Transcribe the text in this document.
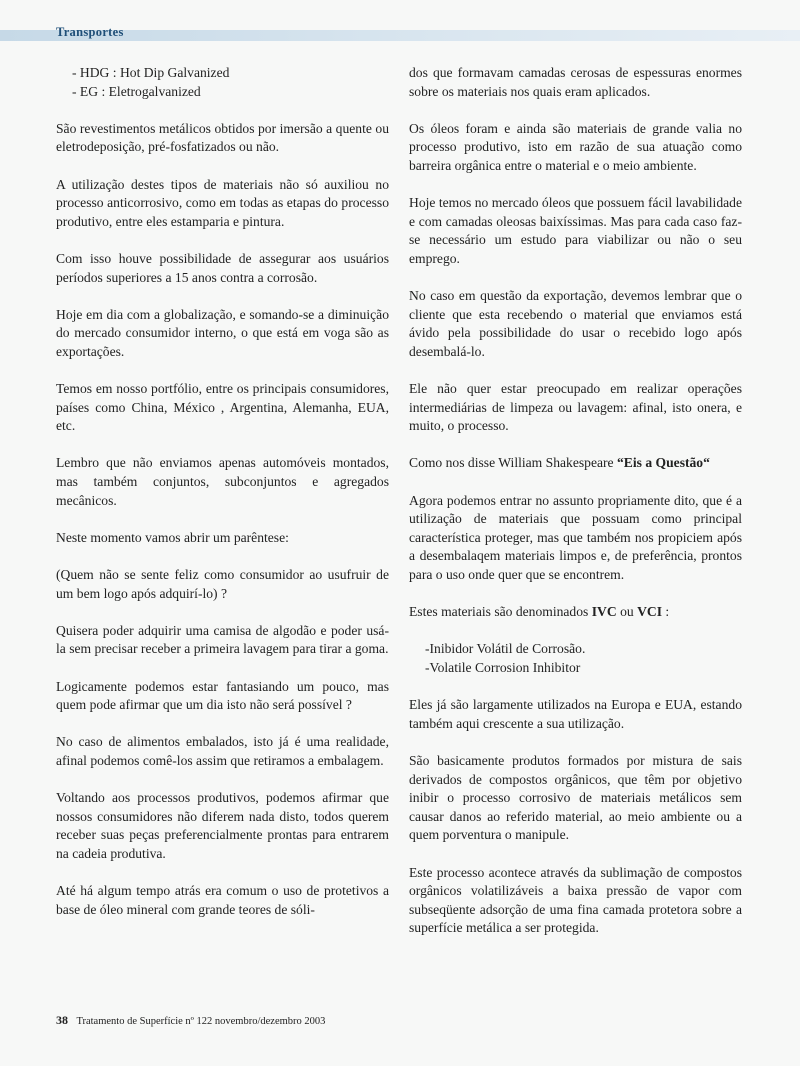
Transportes
- HDG : Hot Dip Galvanized
- EG : Eletrogalvanized

São revestimentos metálicos obtidos por imersão a quente ou eletrodeposição, pré-fosfatizados ou não.

A utilização destes tipos de materiais não só auxiliou no processo anticorrosivo, como em todas as etapas do processo produtivo, entre eles estamparia e pintura.

Com isso houve possibilidade de assegurar aos usuários períodos superiores a 15 anos contra a corrosão.

Hoje em dia com a globalização, e somando-se a diminuição do mercado consumidor interno, o que está em voga são as exportações.

Temos em nosso portfólio, entre os principais consumidores, países como China, México , Argentina, Alemanha, EUA, etc.

Lembro que não enviamos apenas automóveis montados, mas também conjuntos, subconjuntos e agregados mecânicos.

Neste momento vamos abrir um parêntese:

(Quem não se sente feliz como consumidor ao usufruir de um bem logo após adquirí-lo) ?

Quisera poder adquirir uma camisa de algodão e poder usá-la sem precisar receber a primeira lavagem para tirar a goma.

Logicamente podemos estar fantasiando um pouco, mas quem pode afirmar que um dia isto não será possível ?

No caso de alimentos embalados, isto já é uma realidade, afinal podemos comê-los assim que retiramos a embalagem.

Voltando aos processos produtivos, podemos afirmar que nossos consumidores não diferem nada disto, todos querem receber suas peças preferencialmente prontas para entrarem na cadeia produtiva.

Até há algum tempo atrás era comum o uso de protetivos a base de óleo mineral com grande teores de sóli-

dos que formavam camadas cerosas de espessuras enormes sobre os materiais nos quais eram aplicados.

Os óleos foram e ainda são materiais de grande valia no processo produtivo, isto em razão de sua atuação como barreira orgânica entre o material e o meio ambiente.

Hoje temos no mercado óleos que possuem fácil lavabilidade e com camadas oleosas baixíssimas. Mas para cada caso faz-se necessário um estudo para viabilizar ou não o seu emprego.

No caso em questão da exportação, devemos lembrar que o cliente que esta recebendo o material que enviamos está ávido pela possibilidade do usar o recebido logo após desembalá-lo.

Ele não quer estar preocupado em realizar operações intermediárias de limpeza ou lavagem: afinal, isto onera, e muito, o processo.

Como nos disse William Shakespeare “Eis a Questão“

Agora podemos entrar no assunto propriamente dito, que é a utilização de materiais que possuam como principal característica proteger, mas que também nos propiciem após a desembalaqem materiais limpos e, de preferência, prontos para o uso onde quer que se encontrem.

Estes materiais são denominados IVC ou VCI :

-Inibidor Volátil de Corrosão.
-Volatile Corrosion Inhibitor

Eles já são largamente utilizados na Europa e EUA, estando também aqui crescente a sua utilização.

São basicamente produtos formados por mistura de sais derivados de compostos orgânicos, que têm por objetivo inibir o processo corrosivo de materiais metálicos sem causar danos ao referido material, ao meio ambiente ou a quem porventura o manipule.

Este processo acontece através da sublimação de compostos orgânicos volatilizáveis a baixa pressão de vapor com subseqüente adsorção de uma fina camada protetora sobre a superfície metálica a ser protegida.

38 Tratamento de Superfície nº 122 novembro/dezembro 2003
